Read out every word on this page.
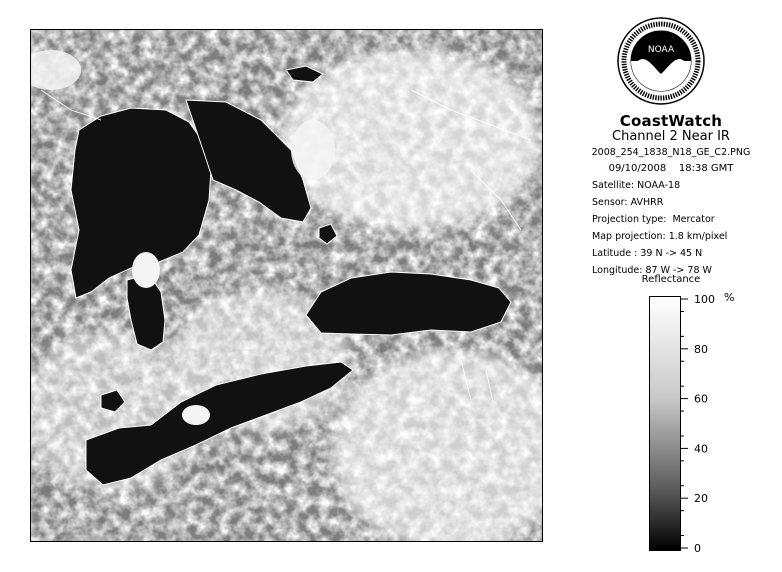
NOAA
CoastWatch
Channel 2 Near IR
2008_254_1838_N18_GE_C2.PNG
09/10/2008    18:38 GMT
Satellite: NOAA-18
Sensor: AVHRR
Projection type:  Mercator
Map projection: 1.8 km/pixel
Latitude : 39 N -> 45 N
Longitude: 87 W -> 78 W
Reflectance
100
80
60
40
20
0
%
